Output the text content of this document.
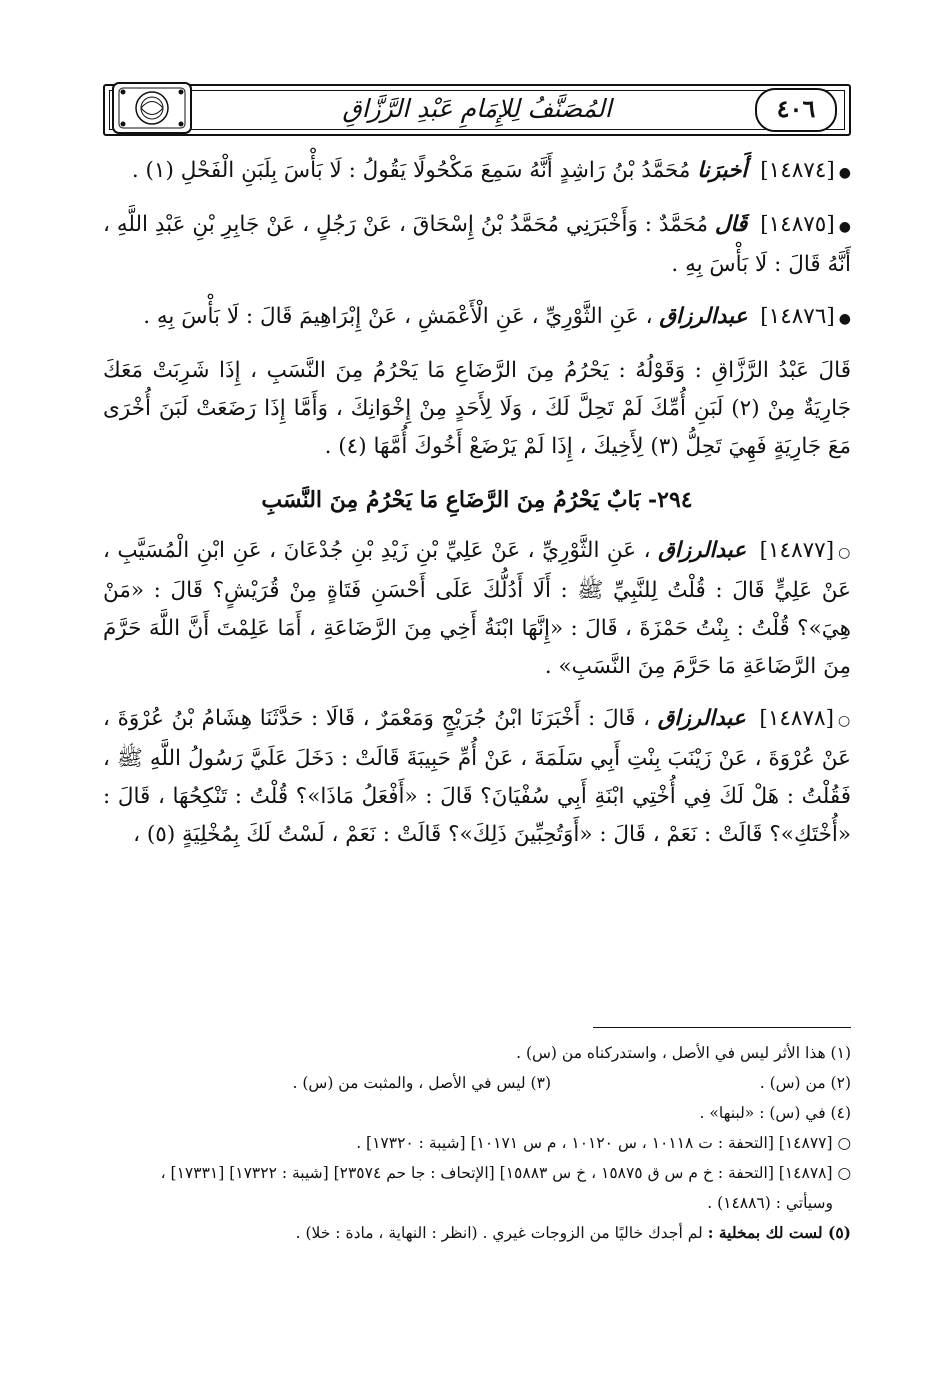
٤٠٦
المُصَنَّفُ لِلإِمَامِ عَبْدِ الرَّزَّاقِ

●[١٤٨٧٤] أَخبرَنا مُحَمَّدُ بْنُ رَاشِدٍ أَنَّهُ سَمِعَ مَكْحُولًا يَقُولُ : لَا بَأْسَ بِلَبَنِ الْفَحْلِ (١) .

●[١٤٨٧٥] قَال مُحَمَّدٌ : وَأَخْبَرَنِي مُحَمَّدُ بْنُ إِسْحَاقَ ، عَنْ رَجُلٍ ، عَنْ جَابِرِ بْنِ عَبْدِ اللَّهِ ، أَنَّهُ قَالَ : لَا بَأْسَ بِهِ .

●[١٤٨٧٦] عبدالرزاق ، عَنِ الثَّوْرِيِّ ، عَنِ الْأَعْمَشِ ، عَنْ إِبْرَاهِيمَ قَالَ : لَا بَأْسَ بِهِ .

قَالَ عَبْدُ الرَّزَّاقِ : وَقَوْلُهُ : يَحْرُمُ مِنَ الرَّضَاعِ مَا يَحْرُمُ مِنَ النَّسَبِ ، إِذَا شَرِبَتْ مَعَكَ جَارِيَةٌ مِنْ (٢) لَبَنِ أُمِّكَ لَمْ تَحِلَّ لَكَ ، وَلَا لِأَحَدٍ مِنْ إِخْوَانِكَ ، وَأَمَّا إِذَا رَضَعَتْ لَبَنَ أُخْرَى مَعَ جَارِيَةٍ فَهِيَ تَحِلُّ (٣) لِأَخِيكَ ، إِذَا لَمْ يَرْضَعْ أَخُوكَ أُمَّهَا (٤) .

٢٩٤- بَابٌ يَحْرُمُ مِنَ الرَّضَاعِ مَا يَحْرُمُ مِنَ النَّسَبِ

○[١٤٨٧٧] عبدالرزاق ، عَنِ الثَّوْرِيِّ ، عَنْ عَلِيِّ بْنِ زَيْدِ بْنِ جُدْعَانَ ، عَنِ ابْنِ الْمُسَيَّبِ ، عَنْ عَلِيٍّ قَالَ : قُلْتُ لِلنَّبِيِّ ﷺ : أَلَا أَدُلُّكَ عَلَى أَحْسَنِ فَتَاةٍ مِنْ قُرَيْشٍ؟ قَالَ : «مَنْ هِيَ»؟ قُلْتُ : بِنْتُ حَمْزَةَ ، قَالَ : «إِنَّهَا ابْنَةُ أَخِي مِنَ الرَّضَاعَةِ ، أَمَا عَلِمْتَ أَنَّ اللَّهَ حَرَّمَ مِنَ الرَّضَاعَةِ مَا حَرَّمَ مِنَ النَّسَبِ» .

○[١٤٨٧٨] عبدالرزاق ، قَالَ : أَخْبَرَنَا ابْنُ جُرَيْجٍ وَمَعْمَرٌ ، قَالَا : حَدَّثَنَا هِشَامُ بْنُ عُرْوَةَ ، عَنْ عُرْوَةَ ، عَنْ زَيْنَبَ بِنْتِ أَبِي سَلَمَةَ ، عَنْ أُمِّ حَبِيبَةَ قَالَتْ : دَخَلَ عَلَيَّ رَسُولُ اللَّهِ ﷺ ، فَقُلْتُ : هَلْ لَكَ فِي أُخْتِي ابْنَةِ أَبِي سُفْيَانَ؟ قَالَ : «أَفْعَلُ مَاذَا»؟ قُلْتُ : تَنْكِحُهَا ، قَالَ : «أُخْتَكِ»؟ قَالَتْ : نَعَمْ ، قَالَ : «أَوَتُحِبِّينَ ذَلِكَ»؟ قَالَتْ : نَعَمْ ، لَسْتُ لَكَ بِمُخْلِيَةٍ (٥) ،

(١) هذا الأثر ليس في الأصل ، واستدركناه من (س) .
(٢) من (س) .
(٣) ليس في الأصل ، والمثبت من (س) .
(٤) في (س) : «لبنها» .
○ [١٤٨٧٧] [التحفة : ت ١٠١١٨ ، س ١٠١٢٠ ، م س ١٠١٧١] [شيبة : ١٧٣٢٠] .
○ [١٤٨٧٨] [التحفة : خ م س ق ١٥٨٧٥ ، خ س ١٥٨٨٣] [الإتحاف : جا حم ٢٣٥٧٤] [شيبة : ١٧٣٢٢] [١٧٣٣١] ،
وسيأتي : (١٤٨٨٦) .
(٥) لست لك بمخلية : لم أجدك خاليًا من الزوجات غيري . (انظر : النهاية ، مادة : خلا) .
